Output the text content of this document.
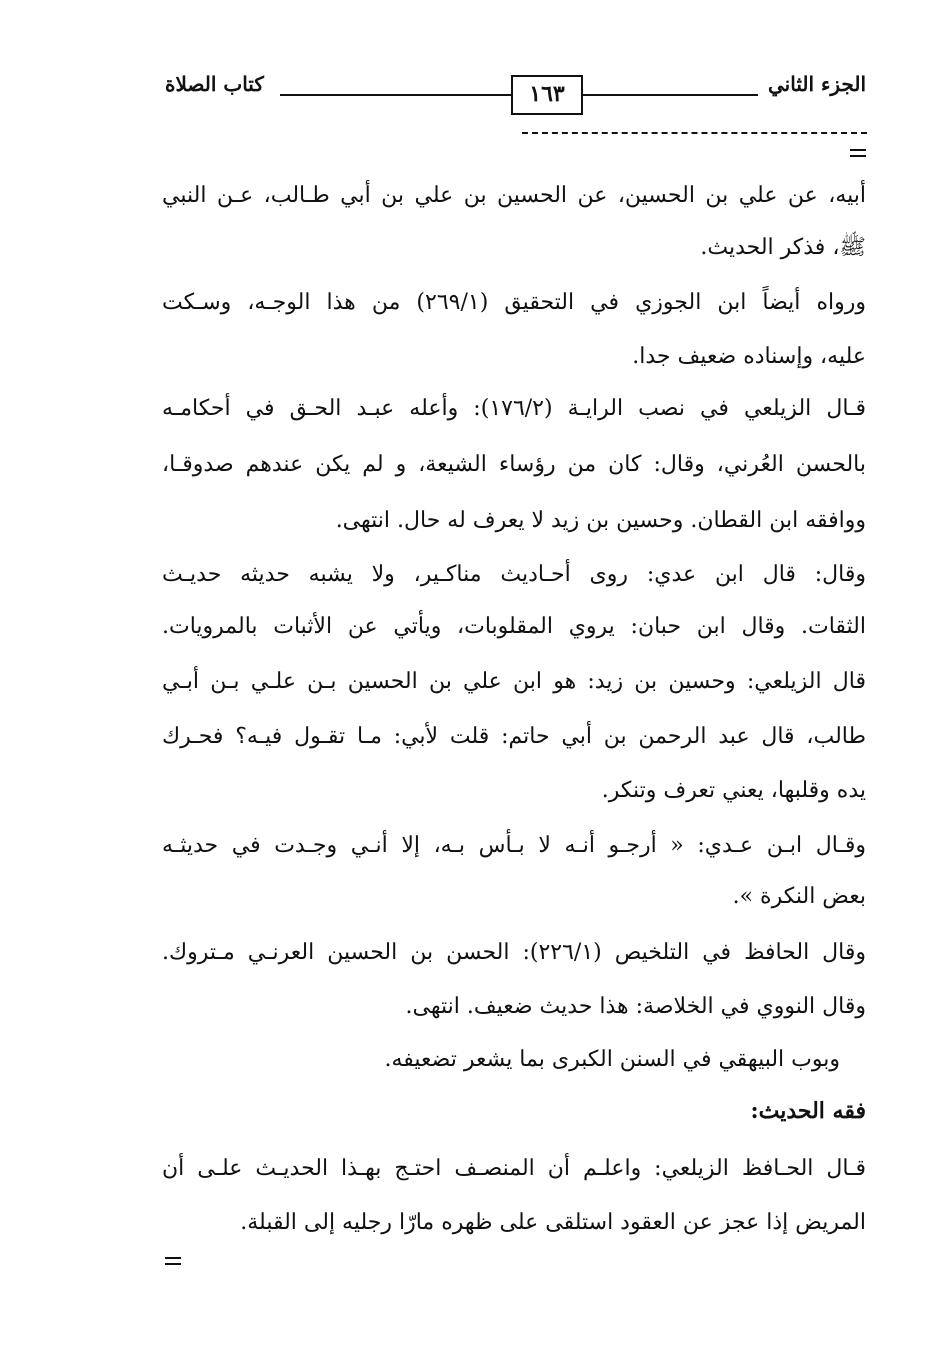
كتاب الصلاة	١٦٣	الجزء الثاني
أبيه، عن علي بن الحسين، عن الحسين بن علي بن أبي طـالب، عـن النبي
ﷺ، فذكر الحديث.
ورواه أيضاً ابن الجوزي في التحقيق (٢٦٩/١) من هذا الوجـه، وسـكت
عليه، وإسناده ضعيف جدا.
قـال الزيلعي في نصب الرايـة (١٧٦/٢): وأعله عبـد الحـق في أحكامـه
بالحسن العُرني، وقال: كان من رؤساء الشيعة، و لم يكن عندهم صدوقـا،
ووافقه ابن القطان. وحسين بن زيد لا يعرف له حال. انتهى.
وقال: قال ابن عدي: روى أحـاديث مناكـير، ولا يشبه حديثه حديـث
الثقات. وقال ابن حبان: يروي المقلوبات، ويأتي عن الأثبات بالمرويات.
قال الزيلعي: وحسين بن زيد: هو ابن علي بن الحسين بـن علـي بـن أبـي
طالب، قال عبد الرحمن بن أبي حاتم: قلت لأبي: مـا تقـول فيـه؟ فحـرك
يده وقلبها، يعني تعرف وتنكر.
وقـال ابـن عـدي: « أرجـو أنـه لا بـأس بـه، إلا أنـي وجـدت في حديثـه
بعض النكرة ».
وقال الحافظ في التلخيص (٢٢٦/١): الحسن بن الحسين العرنـي مـتروك.
وقال النووي في الخلاصة: هذا حديث ضعيف. انتهى.
وبوب البيهقي في السنن الكبرى بما يشعر تضعيفه.
فقه الحديث:
قـال الحـافظ الزيلعي: واعلـم أن المنصـف احتـج بهـذا الحديـث علـى أن
المريض إذا عجز عن العقود استلقى على ظهره مارّا رجليه إلى القبلة.
